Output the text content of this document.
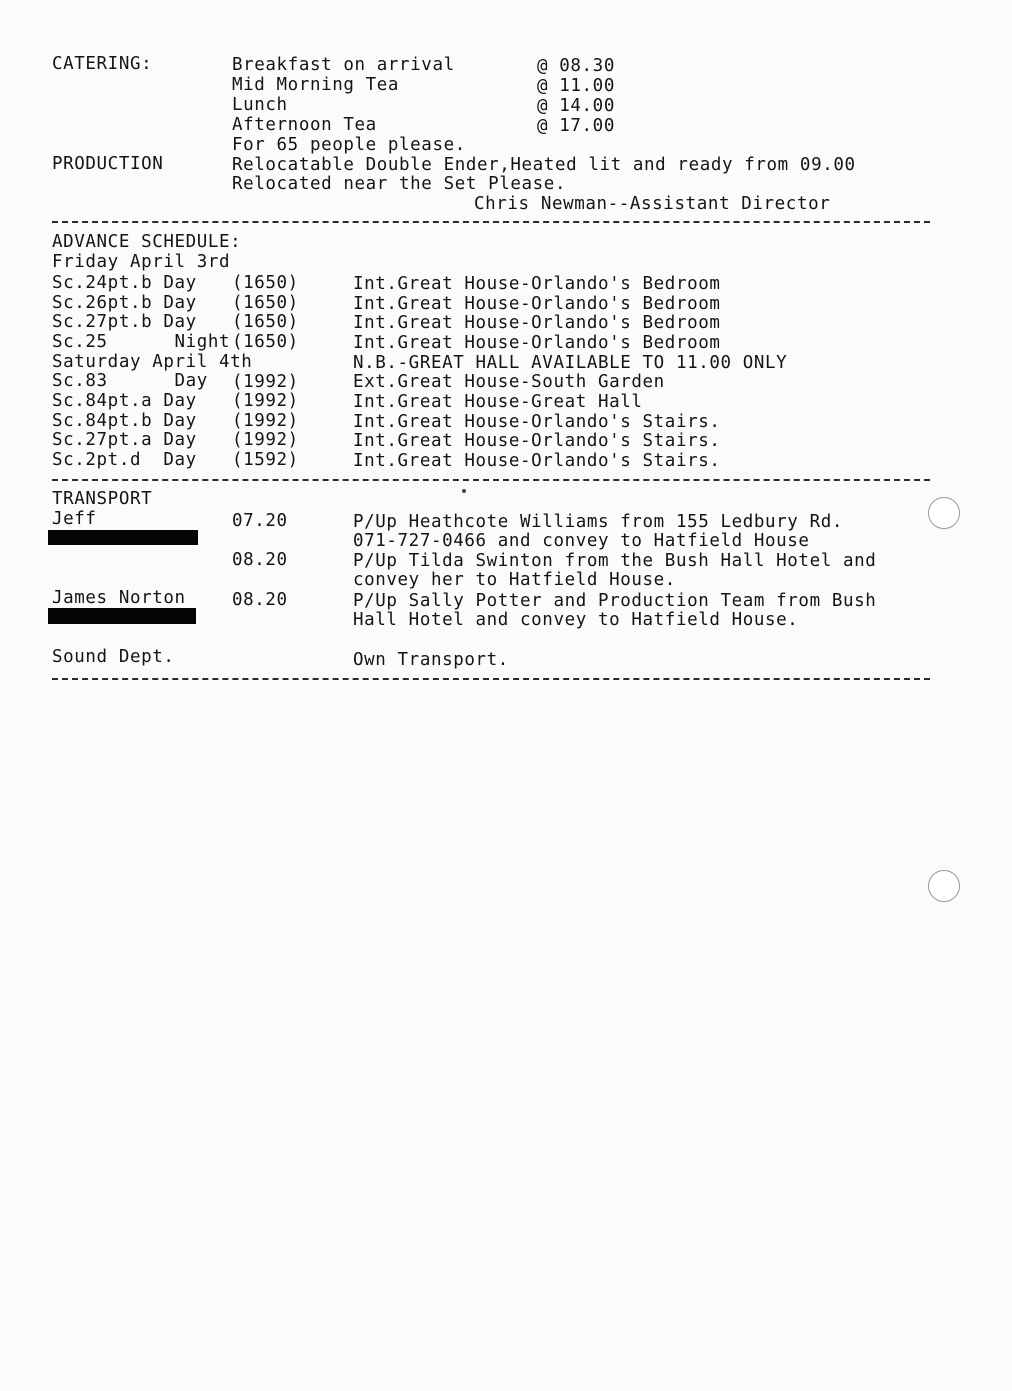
CATERING:	Breakfast on arrival	@ 08.30
Mid Morning Tea	@ 11.00
Lunch	@ 14.00
Afternoon Tea	@ 17.00
For 65 people please.
PRODUCTION	Relocatable Double Ender,Heated lit and ready from 09.00
Relocated near the Set Please.
Chris Newman--Assistant Director
ADVANCE SCHEDULE:
Friday April 3rd
Sc.24pt.b Day (1650)	Int.Great House-Orlando's Bedroom
Sc.26pt.b Day (1650)	Int.Great House-Orlando's Bedroom
Sc.27pt.b Day (1650)	Int.Great House-Orlando's Bedroom
Sc.25      Night (1650)	Int.Great House-Orlando's Bedroom
Saturday April 4th	N.B.-GREAT HALL AVAILABLE TO 11.00 ONLY
Sc.83      Day (1992)	Ext.Great House-South Garden
Sc.84pt.a Day (1992)	Int.Great House-Great Hall
Sc.84pt.b Day (1992)	Int.Great House-Orlando's Stairs.
Sc.27pt.a Day (1992)	Int.Great House-Orlando's Stairs.
Sc.2pt.d  Day (1592)	Int.Great House-Orlando's Stairs.
TRANSPORT
Jeff	07.20	P/Up Heathcote Williams from 155 Ledbury Rd.
071-727-0466 and convey to Hatfield House
08.20	P/Up Tilda Swinton from the Bush Hall Hotel and
convey her to Hatfield House.
James Norton	08.20	P/Up Sally Potter and Production Team from Bush
Hall Hotel and convey to Hatfield House.
Sound Dept.	Own Transport.
